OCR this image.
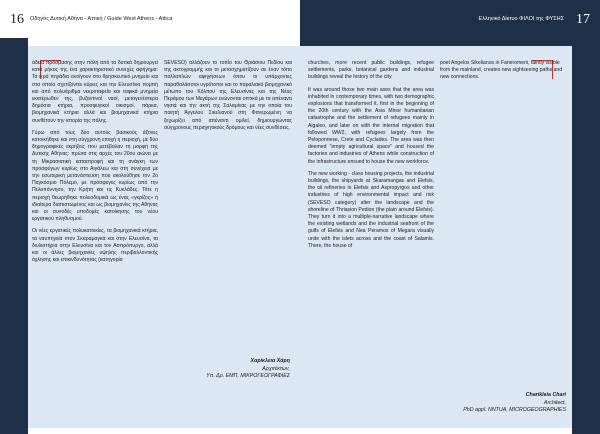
16 Οδηγός Δυτική Αθήνα - Αττική / Guide West Athens - Attica

άδεια πρόσβασης στην πόλη από τα δυτικά δημιουργεί κατά μήκος της ένα χαρακτηριστικό συνεχές αφήγημα: Τα ιερά πηγάδια ανοίγουν στο θρησκευτικό μνημείο και στα οποία σχετίζονται κύριες και την Ελευσίνια πομπή και από πολυάριθμα νεκροταφεία και ταφικά μνημεία εκατέρωθεν της, βυζαντινοί ναοί, μεταγενέστερα δημόσια κτήρια, προσφυγικοί οικισμοί, πάρκα, βιομηχανικά κτήρια αλλά και βιομηχανικά κτήρια συνθέτουν την ιστορία της πόλης.

Γύρω από τους δύο αυτούς βασικούς άξονες κατοικήθηκε και στη σύγχρονη εποχή η περιοχή, με δύο δημογραφικές εκρήξεις που μετέβαλαν τη μορφή της Δυτικής Αθήνας: πρώτα στις αρχές του 20ου αιώνα με τη Μικρασιατική καταστροφή και τη ανάγκη των προσφύγων κυρίως στο Αιγάλεω και στη συνέχεια με την εσωτερική μετανάστευση που ακολούθησε τον 2ο Παγκόσμιο Πόλεμο, με πρόσφυγες κυρίως από την Πελοπόννησο, την Κρήτη και τις Κυκλάδες. Τότε η περιοχή θεωρήθηκε πολεοδομικά ως ένας «γκρίζος» ή ιδιαίτερα διαπιστωμένος και ως βιομηχανίες της Αθήνας και οι συνοδές υποδομές κατοίκησης του νέου εργατικού πληθυσμού.

Οι νέες εργατικές πολυκατοικίες, τα βιομηχανικά κτήρια, τα ναυπηγεία στον Σκαραμαγκά και στην Ελευσίνα, τα διυλιστήρια στην Ελευσίνα και τον Ασπρόπυργο, αλλά και οι άλλες βιομηχανίες υψηλής περιβαλλοντικής όχλησης και επικινδυνότητας (κατηγορία

SEVESO) αλλάζουν το τοπίο του Θριάσιου Πεδίου και της ακτογραμμής και το μετασχηματίζουν σε έναν τόπο πολλαπλών αφηγήσεων όπου οι υπάρχοντες παραθαλάσσιοι υγρότοποι και το παραλιακό βιομηχανικό μέτωπο του Κόλπου της Ελευσίνας και της Νέας Περάμου των Μεγάρων ενώνονται οπτικά με τα απέναντι νησιά και την ακτή της Σαλαμίνας με την οποία του ποιητή Άγγελου Σικελιανού στη Φανερωμένη να ξεχωρίζει από απέναντι ομιλεί, δημιουργώντας σύγχρονους περιηγητικούς δρόμους και νέες συνδέσεις.

Χαρίκλεια Χάρη
Αρχιτέκτων,
Υπ. Δρ. ΕΜΠ, ΜΙΚΡΟΓΕΩΓΡΑΦΙΕΣ
Ελληνικό Δίκτυο ΦΙΛΟΙ της ΦΥΣΗΣ 17

churches, more recent public buildings, refugee settlements, parks, botanical gardens and industrial buildings reveal the history of the city.

It was around those two main axes that the area was inhabited in contemporary times, with two demographic explosions that transformed it, first in the beginning of the 20th century with the Asia Minor humanitarian catastrophe and the settlement of refugees mainly in Aigaleo, and later on with the internal migration that followed WW2, with refugees largely from the Peloponnese, Crete and Cyclades. The area was then deemed "empty agricultural space" and housed the factories and industries of Athens while construction of the infrastructure ensued to house the new workforce.

The new working - class housing projects, the industrial buildings, the shipyards at Skaramangas and Elefsis, the oil refineries in Elefsis and Aspropyrgos and other industries of high environmental impact and risk (SEVESO category) alter the landscape and the shoreline of Thriasion Pedion (the plain around Elefsis). They turn it into a multiple-narrative landscape where the existing wetlands and the industrial seafront of the gulfs of Elefsis and Nea Peramos of Megara visually unite with the islets across and the coast of Salamis. There, the house of

poet Angelos Sikelianos in Faneromeni, faintly visible from the mainland, creates new sightseeing paths and new connections.

Charikleia Chari
Architect,
PhD appl. NNTUA, MICROGEOGRAPHIES
